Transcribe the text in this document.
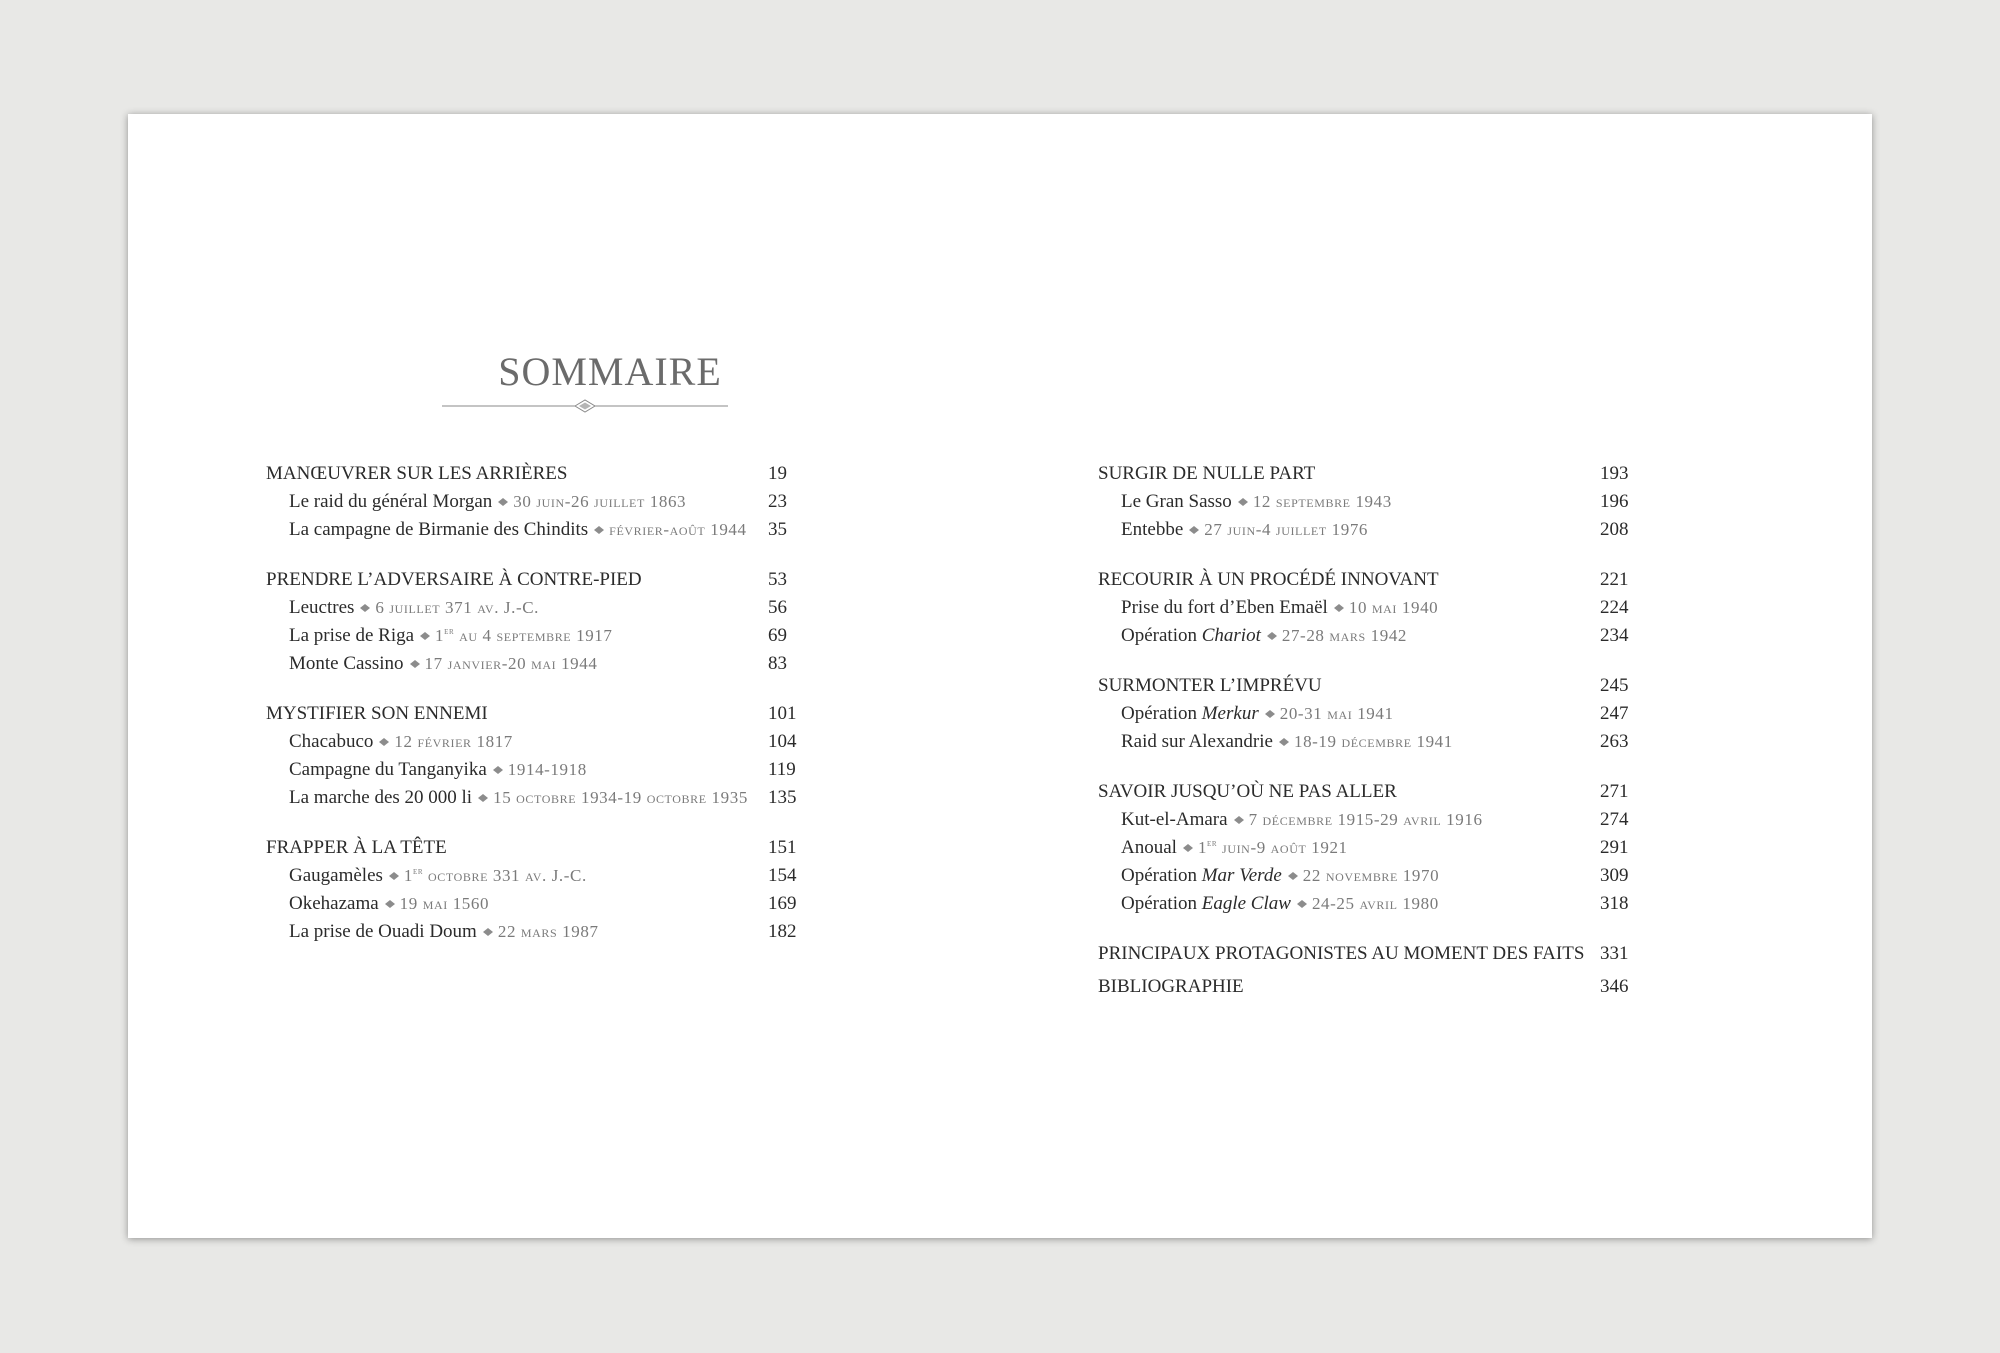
SOMMAIRE
MANŒUVRER SUR LES ARRIÈRES	19
Le raid du général Morgan 30 juin-26 juillet 1863	23
La campagne de Birmanie des Chindits février-août 1944 35
PRENDRE L’ADVERSAIRE À CONTRE-PIED	53
Leuctres 6 juillet 371 av. J.-C.	56
La prise de Riga 1er au 4 septembre 1917	69
Monte Cassino 17 janvier-20 mai 1944	83
MYSTIFIER SON ENNEMI	101
Chacabuco 12 février 1817	104
Campagne du Tanganyika 1914-1918	119
La marche des 20 000 li 15 octobre 1934-19 octobre 1935 135
FRAPPER À LA TÊTE	151
Gaugamèles 1er octobre 331 av. J.-C.	154
Okehazama 19 mai 1560	169
La prise de Ouadi Doum 22 mars 1987	182
SURGIR DE NULLE PART	193
Le Gran Sasso 12 septembre 1943	196
Entebbe 27 juin-4 juillet 1976	208
RECOURIR À UN PROCÉDÉ INNOVANT	221
Prise du fort d’Eben Emaël 10 mai 1940	224
Opération Chariot 27-28 mars 1942	234
SURMONTER L’IMPRÉVU	245
Opération Merkur 20-31 mai 1941	247
Raid sur Alexandrie 18-19 décembre 1941	263
SAVOIR JUSQU’OÙ NE PAS ALLER	271
Kut-el-Amara 7 décembre 1915-29 avril 1916	274
Anoual 1er juin-9 août 1921	291
Opération Mar Verde 22 novembre 1970	309
Opération Eagle Claw 24-25 avril 1980	318
PRINCIPAUX PROTAGONISTES AU MOMENT DES FAITS 331
BIBLIOGRAPHIE	346
